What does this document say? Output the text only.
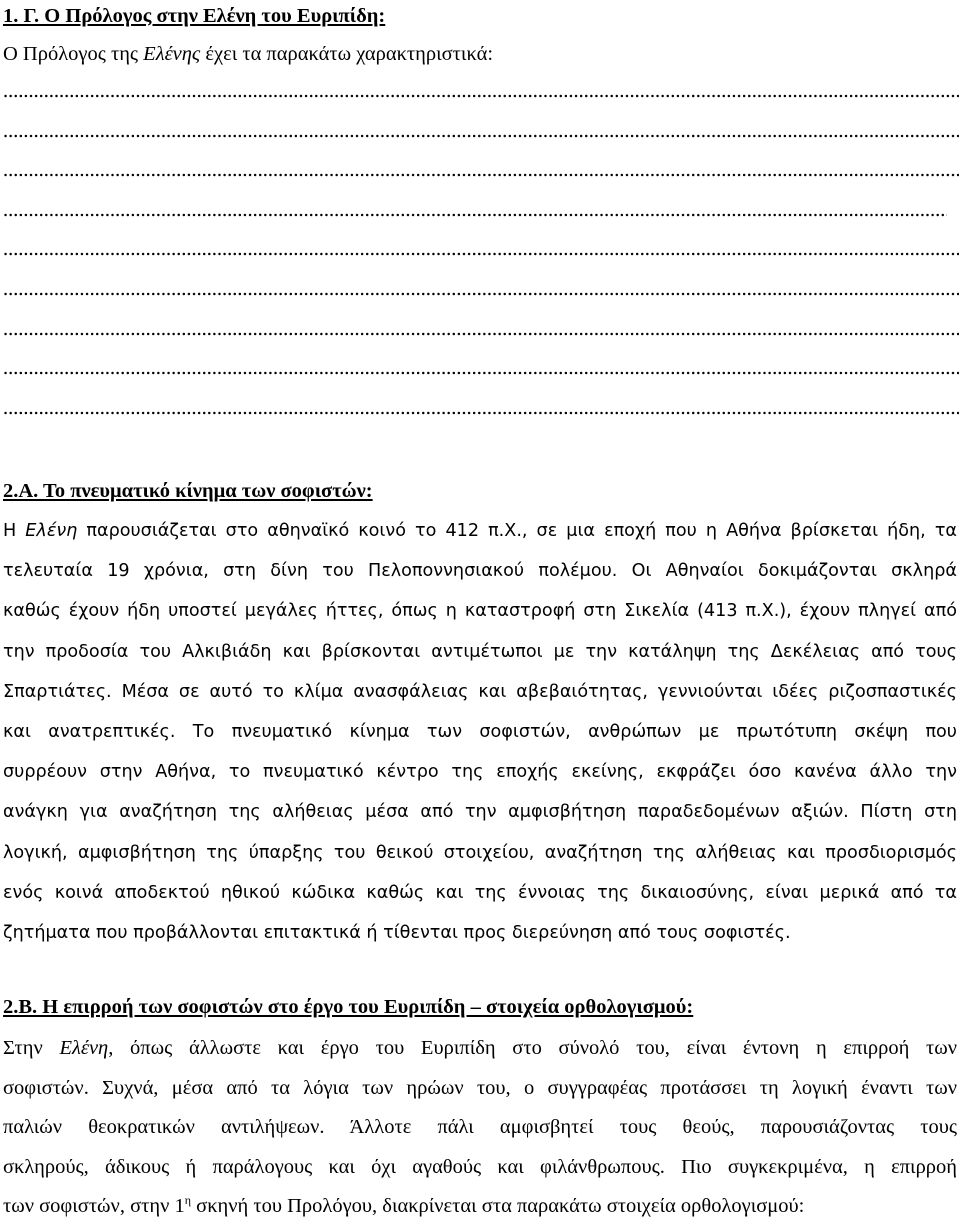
1. Γ. Ο Πρόλογος στην Ελένη του Ευριπίδη:
Ο Πρόλογος της Ελένης έχει τα παρακάτω χαρακτηριστικά:
2.Α. Το πνευματικό κίνημα των σοφιστών:
Η Ελένη παρουσιάζεται στο αθηναϊκό κοινό το 412 π.Χ., σε μια εποχή που η Αθήνα βρίσκεται ήδη, τα
τελευταία 19 χρόνια, στη δίνη του Πελοποννησιακού πολέμου. Οι Αθηναίοι δοκιμάζονται σκληρά
καθώς έχουν ήδη υποστεί μεγάλες ήττες, όπως η καταστροφή στη Σικελία (413 π.Χ.), έχουν πληγεί από
την προδοσία του Αλκιβιάδη και βρίσκονται αντιμέτωποι με την κατάληψη της Δεκέλειας από τους
Σπαρτιάτες. Μέσα σε αυτό το κλίμα ανασφάλειας και αβεβαιότητας, γεννιούνται ιδέες ριζοσπαστικές
και ανατρεπτικές. Το πνευματικό κίνημα των σοφιστών, ανθρώπων με πρωτότυπη σκέψη που
συρρέουν στην Αθήνα, το πνευματικό κέντρο της εποχής εκείνης, εκφράζει όσο κανένα άλλο την
ανάγκη για αναζήτηση της αλήθειας μέσα από την αμφισβήτηση παραδεδομένων αξιών. Πίστη στη
λογική, αμφισβήτηση της ύπαρξης του θεικού στοιχείου, αναζήτηση της αλήθειας και προσδιορισμός
ενός κοινά αποδεκτού ηθικού κώδικα καθώς και της έννοιας της δικαιοσύνης, είναι μερικά από τα
ζητήματα που προβάλλονται επιτακτικά ή τίθενται προς διερεύνηση από τους σοφιστές.
2.Β. Η επιρροή των σοφιστών στο έργο του Ευριπίδη – στοιχεία ορθολογισμού:
Στην Ελένη, όπως άλλωστε και έργο του Ευριπίδη στο σύνολό του, είναι έντονη η επιρροή των
σοφιστών. Συχνά, μέσα από τα λόγια των ηρώων του, ο συγγραφέας προτάσσει τη λογική έναντι των
παλιών θεοκρατικών αντιλήψεων. Άλλοτε πάλι αμφισβητεί τους θεούς, παρουσιάζοντας τους
σκληρούς, άδικους ή παράλογους και όχι αγαθούς και φιλάνθρωπους. Πιο συγκεκριμένα, η επιρροή
των σοφιστών, στην $1^\eta$ σκηνή του Προλόγου, διακρίνεται στα παρακάτω στοιχεία ορθολογισμού:
